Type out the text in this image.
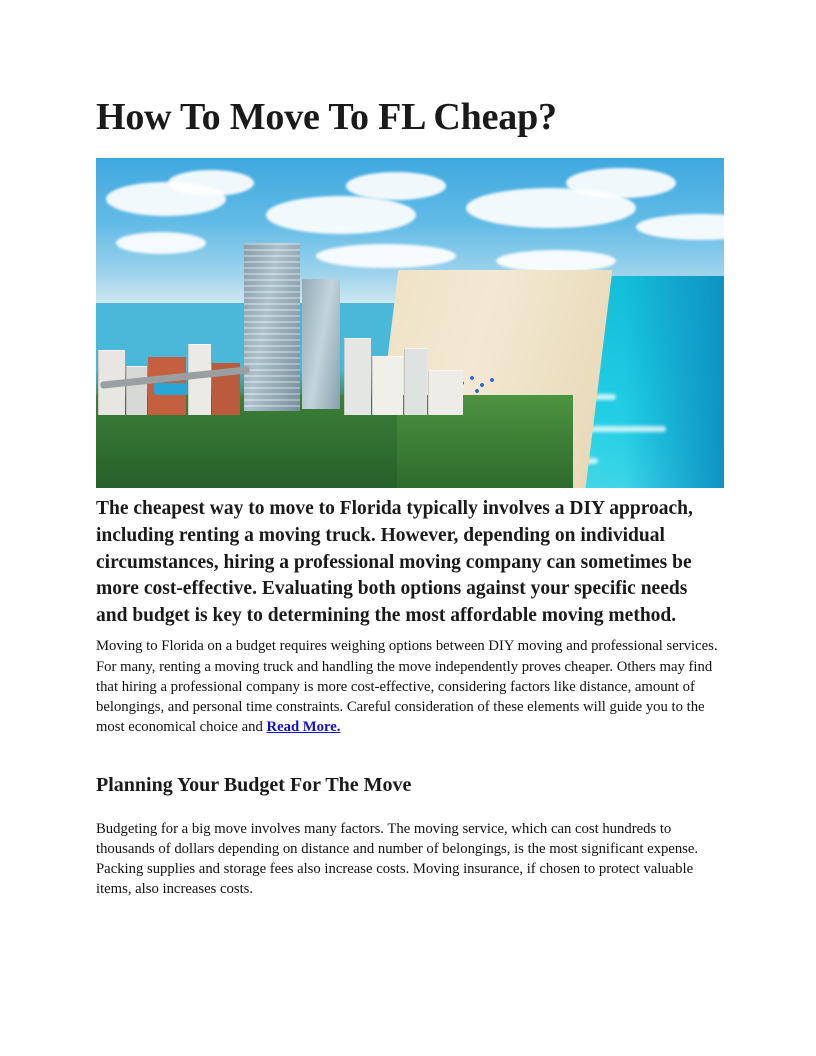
How To Move To FL Cheap?

The cheapest way to move to Florida typically involves a DIY approach, including renting a moving truck. However, depending on individual circumstances, hiring a professional moving company can sometimes be more cost-effective. Evaluating both options against your specific needs and budget is key to determining the most affordable moving method.

Moving to Florida on a budget requires weighing options between DIY moving and professional services. For many, renting a moving truck and handling the move independently proves cheaper. Others may find that hiring a professional company is more cost-effective, considering factors like distance, amount of belongings, and personal time constraints. Careful consideration of these elements will guide you to the most economical choice and Read More.

Planning Your Budget For The Move

Budgeting for a big move involves many factors. The moving service, which can cost hundreds to thousands of dollars depending on distance and number of belongings, is the most significant expense. Packing supplies and storage fees also increase costs. Moving insurance, if chosen to protect valuable items, also increases costs.
